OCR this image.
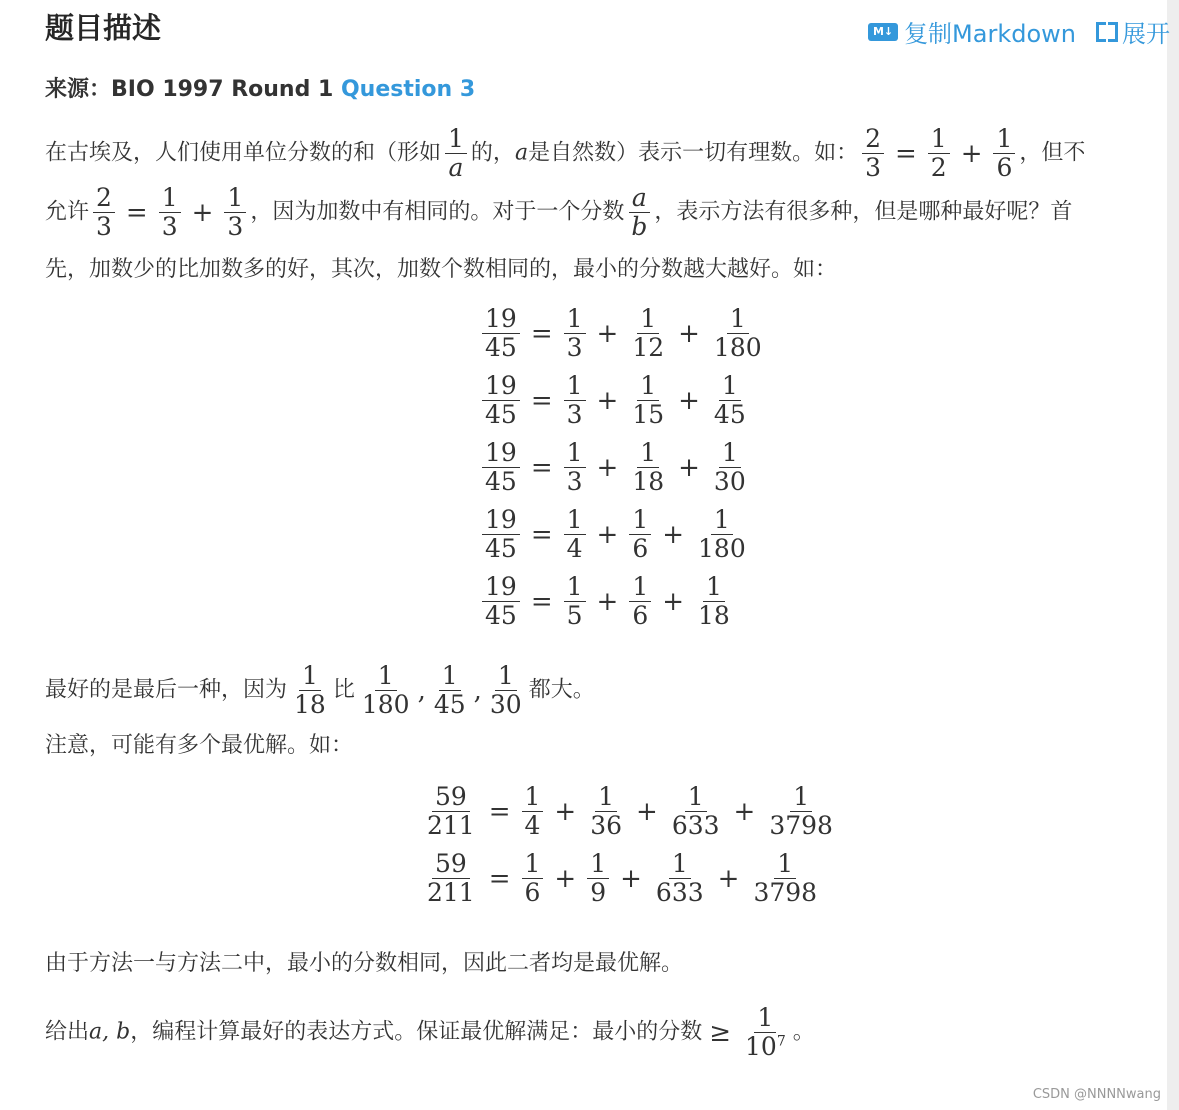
题目描述	M↓ 复制Markdown 展开
来源：BIO 1997 Round 1 Question 3
在古埃及，人们使用单位分数的和（形如 $\frac{1}{a}$ 的，a是自然数）表示一切有理数。如： $\frac{2}{3} = \frac{1}{2} + \frac{1}{6}$ ，但不
允许 $\frac{2}{3} = \frac{1}{3} + \frac{1}{3}$ ，因为加数中有相同的。对于一个分数 $\frac{a}{b}$ ，表示方法有很多种，但是哪种最好呢？首
先，加数少的比加数多的好，其次，加数个数相同的，最小的分数越大越好。如：
$\frac{19}{45} = \frac{1}{3} + \frac{1}{12} + \frac{1}{180}$
$\frac{19}{45} = \frac{1}{3} + \frac{1}{15} + \frac{1}{45}$
$\frac{19}{45} = \frac{1}{3} + \frac{1}{18} + \frac{1}{30}$
$\frac{19}{45} = \frac{1}{4} + \frac{1}{6} + \frac{1}{180}$
$\frac{19}{45} = \frac{1}{5} + \frac{1}{6} + \frac{1}{18}$
最好的是最后一种，因为 $\frac{1}{18}$ 比 $\frac{1}{180}$ , $\frac{1}{45}$ , $\frac{1}{30}$ 都大。
注意，可能有多个最优解。如：
$\frac{59}{211} = \frac{1}{4} + \frac{1}{36} + \frac{1}{633} + \frac{1}{3798}$
$\frac{59}{211} = \frac{1}{6} + \frac{1}{9} + \frac{1}{633} + \frac{1}{3798}$
由于方法一与方法二中，最小的分数相同，因此二者均是最优解。
给出a, b，编程计算最好的表达方式。保证最优解满足：最小的分数 ≥ $\frac{1}{10^7}$ 。
CSDN @NNNNwang
